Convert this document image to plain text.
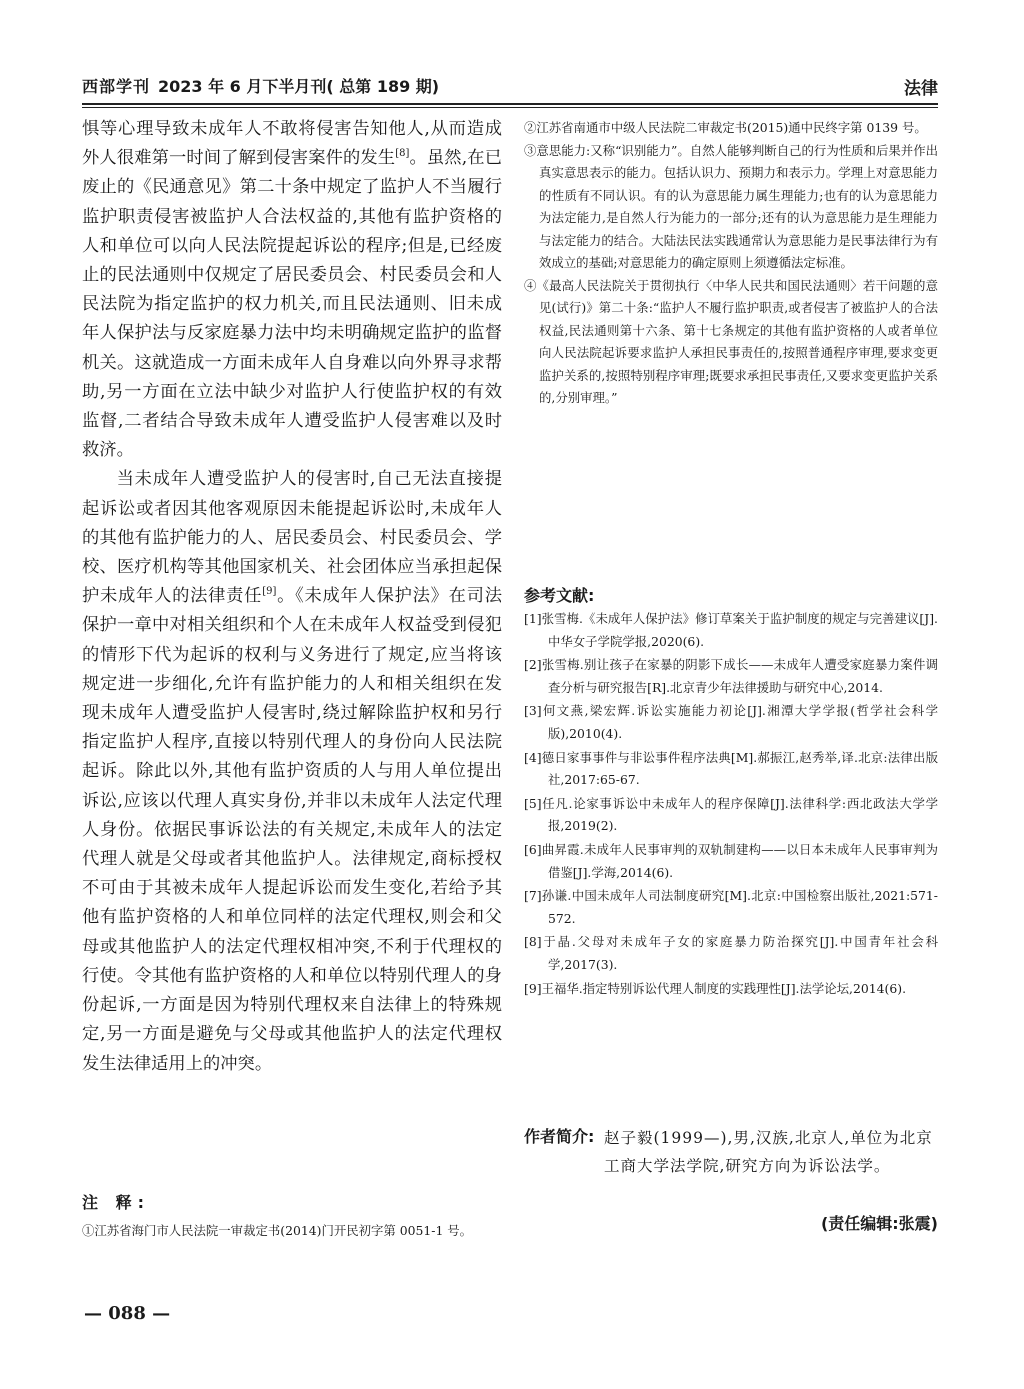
西部学刊 2023 年 6 月下半月刊( 总第 189 期)	法律

惧等心理导致未成年人不敢将侵害告知他人,从而造成外人很难第一时间了解到侵害案件的发生[8]。虽然,在已废止的《民通意见》第二十条中规定了监护人不当履行监护职责侵害被监护人合法权益的,其他有监护资格的人和单位可以向人民法院提起诉讼的程序;但是,已经废止的民法通则中仅规定了居民委员会、村民委员会和人民法院为指定监护的权力机关,而且民法通则、旧未成年人保护法与反家庭暴力法中均未明确规定监护的监督机关。这就造成一方面未成年人自身难以向外界寻求帮助,另一方面在立法中缺少对监护人行使监护权的有效监督,二者结合导致未成年人遭受监护人侵害难以及时救济。

当未成年人遭受监护人的侵害时,自己无法直接提起诉讼或者因其他客观原因未能提起诉讼时,未成年人的其他有监护能力的人、居民委员会、村民委员会、学校、医疗机构等其他国家机关、社会团体应当承担起保护未成年人的法律责任[9]。《未成年人保护法》在司法保护一章中对相关组织和个人在未成年人权益受到侵犯的情形下代为起诉的权利与义务进行了规定,应当将该规定进一步细化,允许有监护能力的人和相关组织在发现未成年人遭受监护人侵害时,绕过解除监护权和另行指定监护人程序,直接以特别代理人的身份向人民法院起诉。除此以外,其他有监护资质的人与用人单位提出诉讼,应该以代理人真实身份,并非以未成年人法定代理人身份。依据民事诉讼法的有关规定,未成年人的法定代理人就是父母或者其他监护人。法律规定,商标授权不可由于其被未成年人提起诉讼而发生变化,若给予其他有监护资格的人和单位同样的法定代理权,则会和父母或其他监护人的法定代理权相冲突,不利于代理权的行使。令其他有监护资格的人和单位以特别代理人的身份起诉,一方面是因为特别代理权来自法律上的特殊规定,另一方面是避免与父母或其他监护人的法定代理权发生法律适用上的冲突。

注 释:
①江苏省海门市人民法院一审裁定书(2014)门开民初字第 0051-1 号。
②江苏省南通市中级人民法院二审裁定书(2015)通中民终字第 0139 号。
③意思能力:又称“识别能力”。自然人能够判断自己的行为性质和后果并作出真实意思表示的能力。包括认识力、预期力和表示力。学理上对意思能力的性质有不同认识。有的认为意思能力属生理能力;也有的认为意思能力为法定能力,是自然人行为能力的一部分;还有的认为意思能力是生理能力与法定能力的结合。大陆法民法实践通常认为意思能力是民事法律行为有效成立的基础;对意思能力的确定原则上须遵循法定标准。
④《最高人民法院关于贯彻执行〈中华人民共和国民法通则〉若干问题的意见(试行)》第二十条:“监护人不履行监护职责,或者侵害了被监护人的合法权益,民法通则第十六条、第十七条规定的其他有监护资格的人或者单位向人民法院起诉要求监护人承担民事责任的,按照普通程序审理,要求变更监护关系的,按照特别程序审理;既要求承担民事责任,又要求变更监护关系的,分别审理。”
参考文献:
[1]张雪梅.《未成年人保护法》修订草案关于监护制度的规定与完善建议[J].中华女子学院学报,2020(6).
[2]张雪梅.别让孩子在家暴的阴影下成长——未成年人遭受家庭暴力案件调查分析与研究报告[R].北京青少年法律援助与研究中心,2014.
[3]何文燕,梁宏辉.诉讼实施能力初论[J].湘潭大学学报(哲学社会科学版),2010(4).
[4]德日家事事件与非讼事件程序法典[M].郝振江,赵秀举,译.北京:法律出版社,2017:65-67.
[5]任凡.论家事诉讼中未成年人的程序保障[J].法律科学:西北政法大学学报,2019(2).
[6]曲昇霞.未成年人民事审判的双轨制建构——以日本未成年人民事审判为借鉴[J].学海,2014(6).
[7]孙谦.中国未成年人司法制度研究[M].北京:中国检察出版社,2021:571-572.
[8]于晶.父母对未成年子女的家庭暴力防治探究[J].中国青年社会科学,2017(3).
[9]王福华.指定特别诉讼代理人制度的实践理性[J].法学论坛,2014(6).
作者简介: 赵子毅(1999—),男,汉族,北京人,单位为北京工商大学法学院,研究方向为诉讼法学。
(责任编辑:张震)
— 088 —
